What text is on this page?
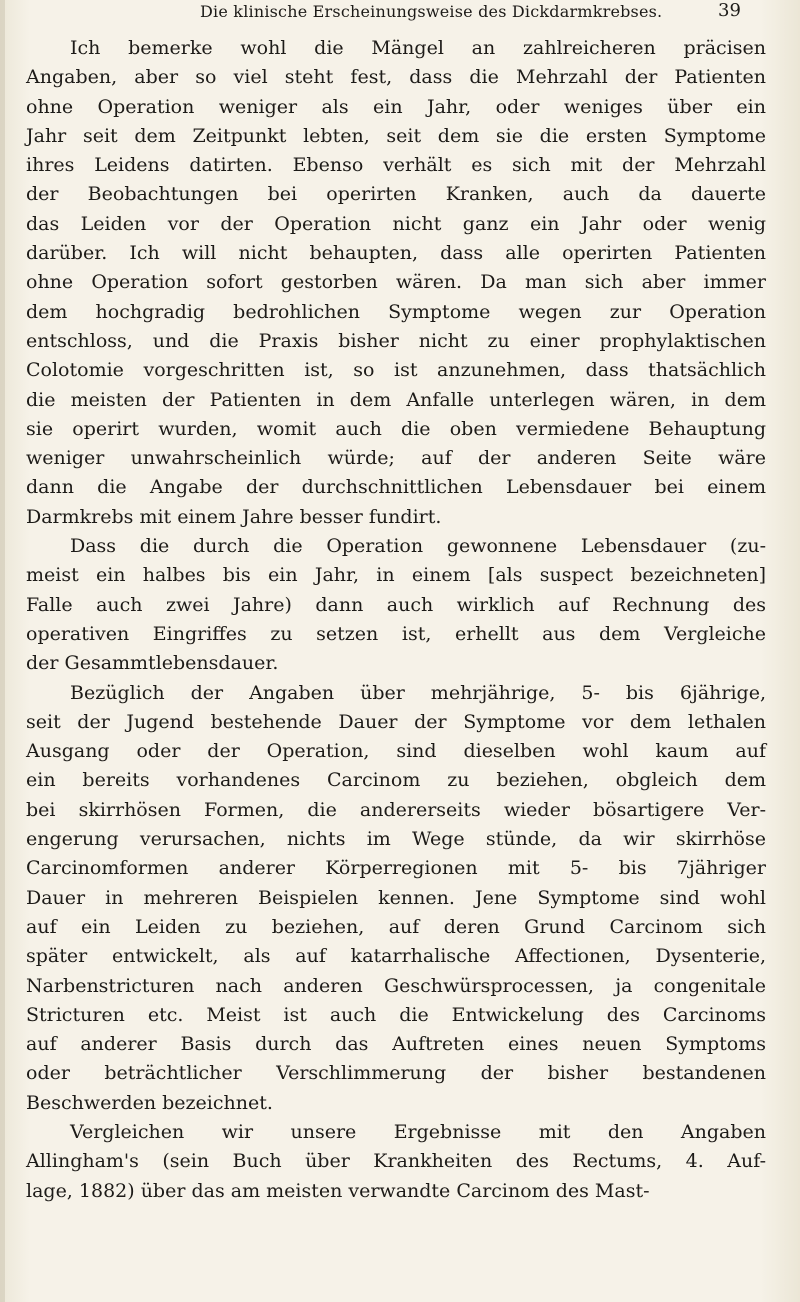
Die klinische Erscheinungsweise des Dickdarmkrebses.	39
Ich bemerke wohl die Mängel an zahlreicheren präcisen
Angaben, aber so viel steht fest, dass die Mehrzahl der Patienten
ohne Operation weniger als ein Jahr, oder weniges über ein
Jahr seit dem Zeitpunkt lebten, seit dem sie die ersten Symptome
ihres Leidens datirten. Ebenso verhält es sich mit der Mehrzahl
der Beobachtungen bei operirten Kranken, auch da dauerte
das Leiden vor der Operation nicht ganz ein Jahr oder wenig
darüber. Ich will nicht behaupten, dass alle operirten Patienten
ohne Operation sofort gestorben wären. Da man sich aber immer
dem hochgradig bedrohlichen Symptome wegen zur Operation
entschloss, und die Praxis bisher nicht zu einer prophylaktischen
Colotomie vorgeschritten ist, so ist anzunehmen, dass thatsächlich
die meisten der Patienten in dem Anfalle unterlegen wären, in dem
sie operirt wurden, womit auch die oben vermiedene Behauptung
weniger unwahrscheinlich würde; auf der anderen Seite wäre
dann die Angabe der durchschnittlichen Lebensdauer bei einem
Darmkrebs mit einem Jahre besser fundirt.
Dass die durch die Operation gewonnene Lebensdauer (zu-
meist ein halbes bis ein Jahr, in einem [als suspect bezeichneten]
Falle auch zwei Jahre) dann auch wirklich auf Rechnung des
operativen Eingriffes zu setzen ist, erhellt aus dem Vergleiche
der Gesammtlebensdauer.
Bezüglich der Angaben über mehrjährige, 5- bis 6jährige,
seit der Jugend bestehende Dauer der Symptome vor dem lethalen
Ausgang oder der Operation, sind dieselben wohl kaum auf
ein bereits vorhandenes Carcinom zu beziehen, obgleich dem
bei skirrhösen Formen, die andererseits wieder bösartigere Ver-
engerung verursachen, nichts im Wege stünde, da wir skirrhöse
Carcinomformen anderer Körperregionen mit 5- bis 7jähriger
Dauer in mehreren Beispielen kennen. Jene Symptome sind wohl
auf ein Leiden zu beziehen, auf deren Grund Carcinom sich
später entwickelt, als auf katarrhalische Affectionen, Dysenterie,
Narbenstricturen nach anderen Geschwürsprocessen, ja congenitale
Stricturen etc. Meist ist auch die Entwickelung des Carcinoms
auf anderer Basis durch das Auftreten eines neuen Symptoms
oder beträchtlicher Verschlimmerung der bisher bestandenen
Beschwerden bezeichnet.
Vergleichen wir unsere Ergebnisse mit den Angaben
Allingham's (sein Buch über Krankheiten des Rectums, 4. Auf-
lage, 1882) über das am meisten verwandte Carcinom des Mast-
